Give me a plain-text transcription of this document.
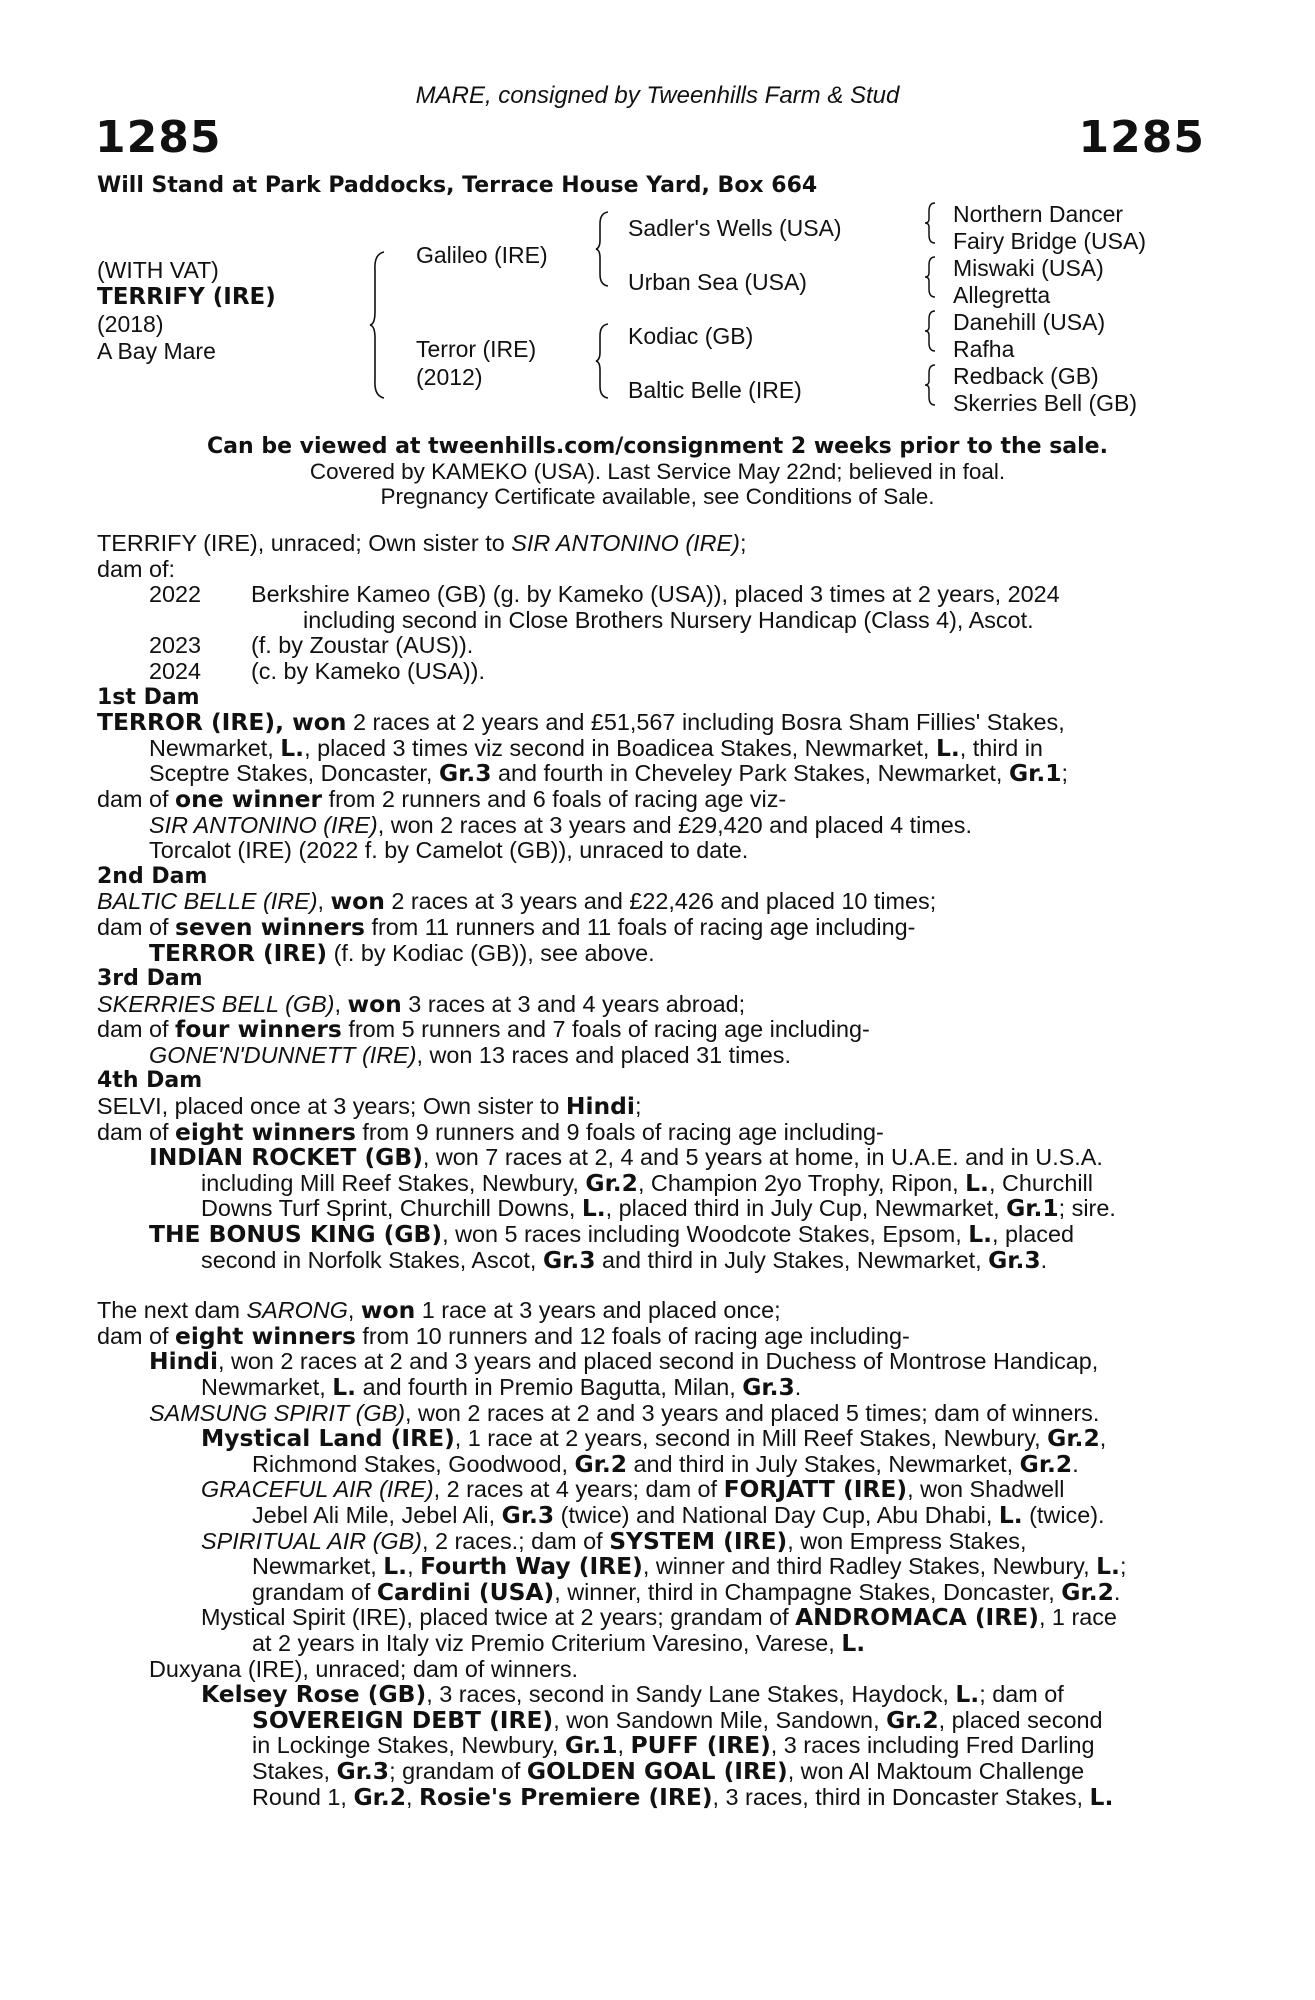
MARE, consigned by Tweenhills Farm & Stud
1285	1285
Will Stand at Park Paddocks, Terrace House Yard, Box 664
(WITH VAT)
TERRIFY (IRE)
(2018)
A Bay Mare
Galileo (IRE)
Terror (IRE)
(2012)
Sadler's Wells (USA)
Urban Sea (USA)
Kodiac (GB)
Baltic Belle (IRE)
Northern Dancer
Fairy Bridge (USA)
Miswaki (USA)
Allegretta
Danehill (USA)
Rafha
Redback (GB)
Skerries Bell (GB)
Can be viewed at tweenhills.com/consignment 2 weeks prior to the sale.
Covered by KAMEKO (USA). Last Service May 22nd; believed in foal.
Pregnancy Certificate available, see Conditions of Sale.

TERRIFY (IRE), unraced; Own sister to SIR ANTONINO (IRE);

dam of:

2022	Berkshire Kameo (GB) (g. by Kameko (USA)), placed 3 times at 2 years, 2024
including second in Close Brothers Nursery Handicap (Class 4), Ascot.
2023	(f. by Zoustar (AUS)).
2024	(c. by Kameko (USA)).

1st Dam

TERROR (IRE), won 2 races at 2 years and £51,567 including Bosra Sham Fillies' Stakes,

Newmarket, L., placed 3 times viz second in Boadicea Stakes, Newmarket, L., third in

Sceptre Stakes, Doncaster, Gr.3 and fourth in Cheveley Park Stakes, Newmarket, Gr.1;

dam of one winner from 2 runners and 6 foals of racing age viz-

SIR ANTONINO (IRE), won 2 races at 3 years and £29,420 and placed 4 times.

Torcalot (IRE) (2022 f. by Camelot (GB)), unraced to date.

2nd Dam

BALTIC BELLE (IRE), won 2 races at 3 years and £22,426 and placed 10 times;

dam of seven winners from 11 runners and 11 foals of racing age including-

TERROR (IRE) (f. by Kodiac (GB)), see above.

3rd Dam

SKERRIES BELL (GB), won 3 races at 3 and 4 years abroad;

dam of four winners from 5 runners and 7 foals of racing age including-

GONE'N'DUNNETT (IRE), won 13 races and placed 31 times.

4th Dam

SELVI, placed once at 3 years; Own sister to Hindi;

dam of eight winners from 9 runners and 9 foals of racing age including-

INDIAN ROCKET (GB), won 7 races at 2, 4 and 5 years at home, in U.A.E. and in U.S.A.

including Mill Reef Stakes, Newbury, Gr.2, Champion 2yo Trophy, Ripon, L., Churchill

Downs Turf Sprint, Churchill Downs, L., placed third in July Cup, Newmarket, Gr.1; sire.

THE BONUS KING (GB), won 5 races including Woodcote Stakes, Epsom, L., placed

second in Norfolk Stakes, Ascot, Gr.3 and third in July Stakes, Newmarket, Gr.3.

The next dam SARONG, won 1 race at 3 years and placed once;

dam of eight winners from 10 runners and 12 foals of racing age including-

Hindi, won 2 races at 2 and 3 years and placed second in Duchess of Montrose Handicap,

Newmarket, L. and fourth in Premio Bagutta, Milan, Gr.3.

SAMSUNG SPIRIT (GB), won 2 races at 2 and 3 years and placed 5 times; dam of winners.

Mystical Land (IRE), 1 race at 2 years, second in Mill Reef Stakes, Newbury, Gr.2,

Richmond Stakes, Goodwood, Gr.2 and third in July Stakes, Newmarket, Gr.2.

GRACEFUL AIR (IRE), 2 races at 4 years; dam of FORJATT (IRE), won Shadwell

Jebel Ali Mile, Jebel Ali, Gr.3 (twice) and National Day Cup, Abu Dhabi, L. (twice).

SPIRITUAL AIR (GB), 2 races.; dam of SYSTEM (IRE), won Empress Stakes,

Newmarket, L., Fourth Way (IRE), winner and third Radley Stakes, Newbury, L.;

grandam of Cardini (USA), winner, third in Champagne Stakes, Doncaster, Gr.2.

Mystical Spirit (IRE), placed twice at 2 years; grandam of ANDROMACA (IRE), 1 race

at 2 years in Italy viz Premio Criterium Varesino, Varese, L.

Duxyana (IRE), unraced; dam of winners.

Kelsey Rose (GB), 3 races, second in Sandy Lane Stakes, Haydock, L.; dam of

SOVEREIGN DEBT (IRE), won Sandown Mile, Sandown, Gr.2, placed second

in Lockinge Stakes, Newbury, Gr.1, PUFF (IRE), 3 races including Fred Darling

Stakes, Gr.3; grandam of GOLDEN GOAL (IRE), won Al Maktoum Challenge

Round 1, Gr.2, Rosie's Premiere (IRE), 3 races, third in Doncaster Stakes, L.
